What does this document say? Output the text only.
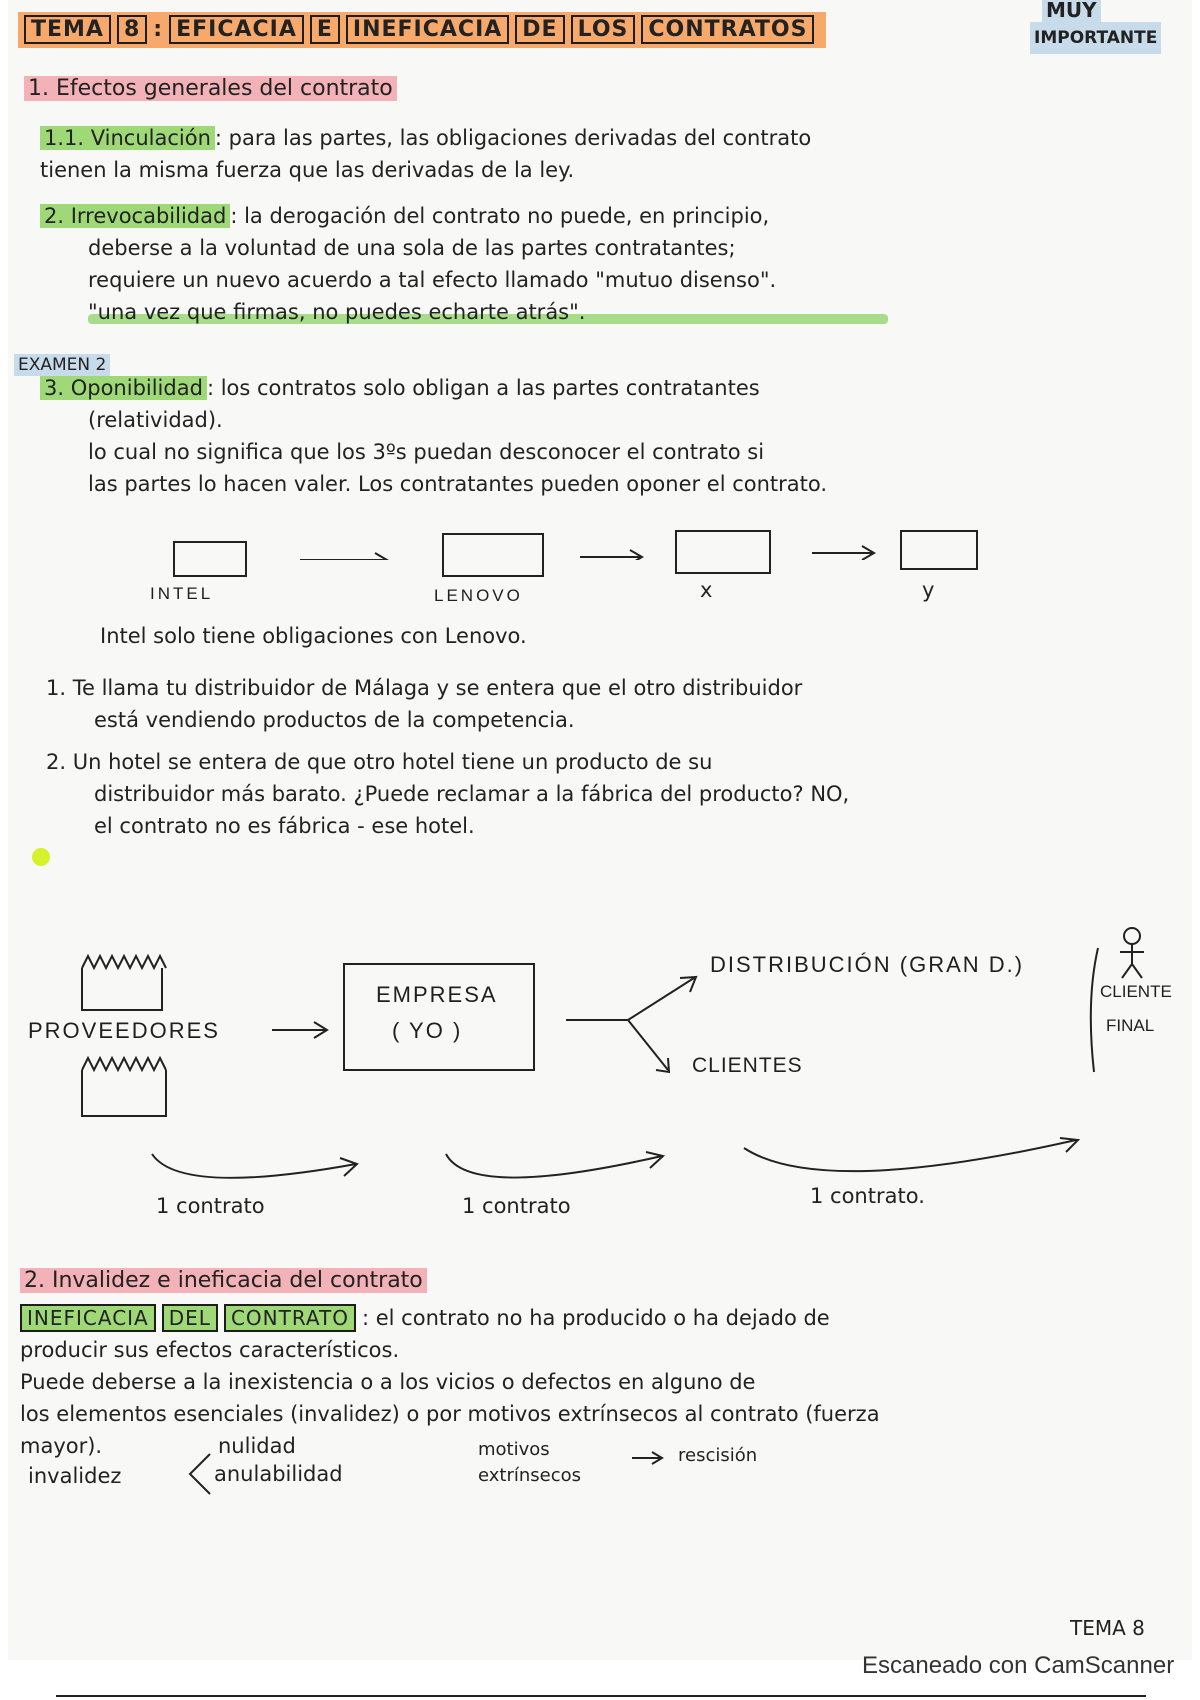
TEMA 8 : EFICACIA E INEFICACIA DE LOS CONTRATOS
MUY
IMPORTANTE
1. Efectos generales del contrato
1.1. Vinculación : para las partes, las obligaciones derivadas del contrato
tienen la misma fuerza que las derivadas de la ley.
2. Irrevocabilidad : la derogación del contrato no puede, en principio,
deberse a la voluntad de una sola de las partes contratantes;
requiere un nuevo acuerdo a tal efecto llamado "mutuo disenso".
"una vez que firmas, no puedes echarte atrás".
EXAMEN 2
3. Oponibilidad : los contratos solo obligan a las partes contratantes
(relatividad).
lo cual no significa que los 3ºs puedan desconocer el contrato si
las partes lo hacen valer. Los contratantes pueden oponer el contrato.
INTEL	LENOVO	x	y
Intel solo tiene obligaciones con Lenovo.
1. Te llama tu distribuidor de Málaga y se entera que el otro distribuidor
está vendiendo productos de la competencia.
2. Un hotel se entera de que otro hotel tiene un producto de su
distribuidor más barato. ¿Puede reclamar a la fábrica del producto? NO,
el contrato no es fábrica - ese hotel.
PROVEEDORES
EMPRESA
( YO )
DISTRIBUCIÓN (GRAN D.)
CLIENTES
CLIENTE
FINAL
1 contrato	1 contrato	1 contrato.
2. Invalidez e ineficacia del contrato
INEFICACIA DEL CONTRATO : el contrato no ha producido o ha dejado de
producir sus efectos característicos.
Puede deberse a la inexistencia o a los vicios o defectos en alguno de
los elementos esenciales (invalidez) o por motivos extrínsecos al contrato (fuerza
mayor).
invalidez
nulidad
anulabilidad
motivos
extrínsecos
rescisión
TEMA 8
Escaneado con CamScanner
